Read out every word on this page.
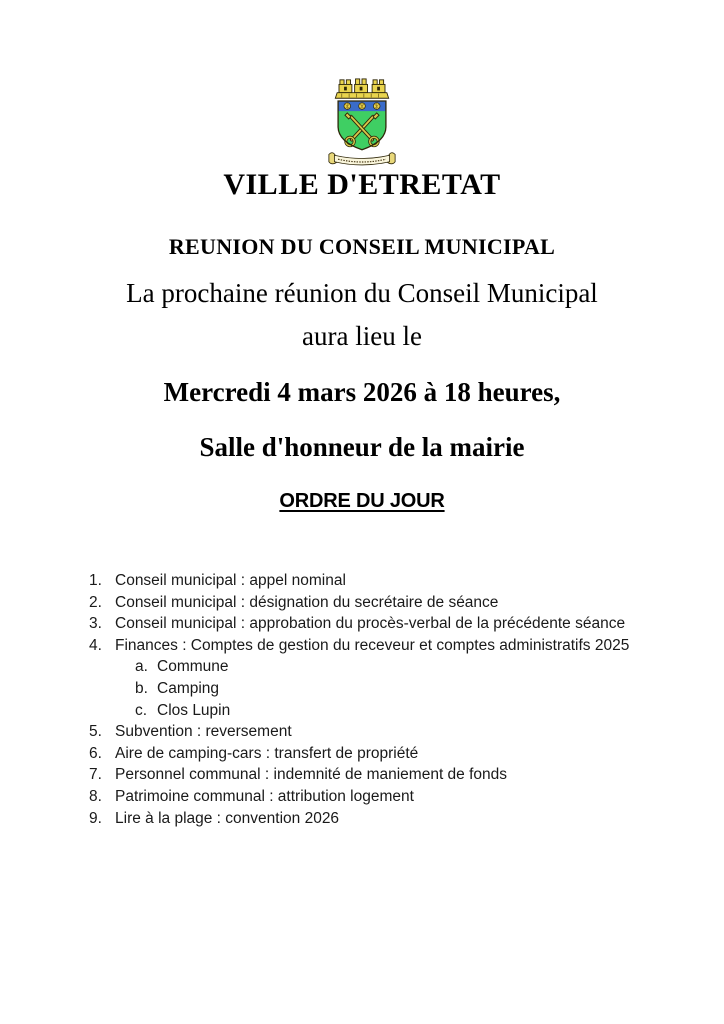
VILLE D'ETRETAT
REUNION DU CONSEIL MUNICIPAL
La prochaine réunion du Conseil Municipal
aura lieu le
Mercredi 4 mars 2026 à 18 heures,
Salle d'honneur de la mairie
ORDRE DU JOUR
1. Conseil municipal : appel nominal
2. Conseil municipal : désignation du secrétaire de séance
3. Conseil municipal : approbation du procès-verbal de la précédente séance
4. Finances : Comptes de gestion du receveur et comptes administratifs 2025
a. Commune
b. Camping
c. Clos Lupin
5. Subvention : reversement
6. Aire de camping-cars : transfert de propriété
7. Personnel communal : indemnité de maniement de fonds
8. Patrimoine communal : attribution logement
9. Lire à la plage : convention 2026
